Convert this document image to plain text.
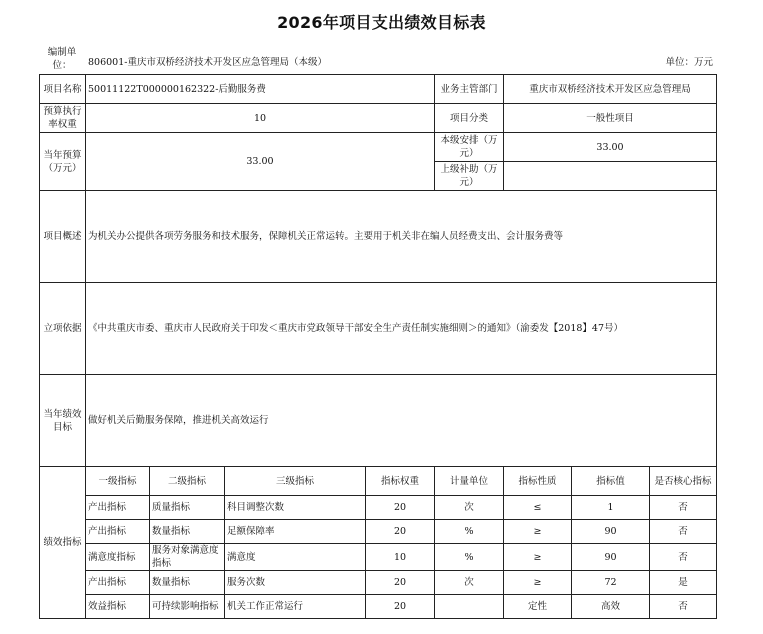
2026年项目支出绩效目标表
编制单位：	806001-重庆市双桥经济技术开发区应急管理局（本级）	单位：万元
项目名称	50011122T000000162322-后勤服务费				业务主管部门	重庆市双桥经济技术开发区应急管理局		
预算执行率权重	10				项目分类	一般性项目		
当年预算（万元）	33.00				本级安排（万元）	33.00		
					上级补助（万元）			
项目概述	为机关办公提供各项劳务服务和技术服务，保障机关正常运转。主要用于机关非在编人员经费支出、会计服务费等							
立项依据	《中共重庆市委、重庆市人民政府关于印发＜重庆市党政领导干部安全生产责任制实施细则＞的通知》（渝委发【2018】47号）							
当年绩效目标	做好机关后勤服务保障，推进机关高效运行							
绩效指标	一级指标	二级指标	三级指标	指标权重	计量单位	指标性质	指标值	是否核心指标
	产出指标	质量指标	科目调整次数	20	次	≤	1	否
	产出指标	数量指标	足额保障率	20	%	≥	90	否
	满意度指标	服务对象满意度指标	满意度	10	%	≥	90	否
	产出指标	数量指标	服务次数	20	次	≥	72	是
	效益指标	可持续影响指标	机关工作正常运行	20		定性	高效	否
